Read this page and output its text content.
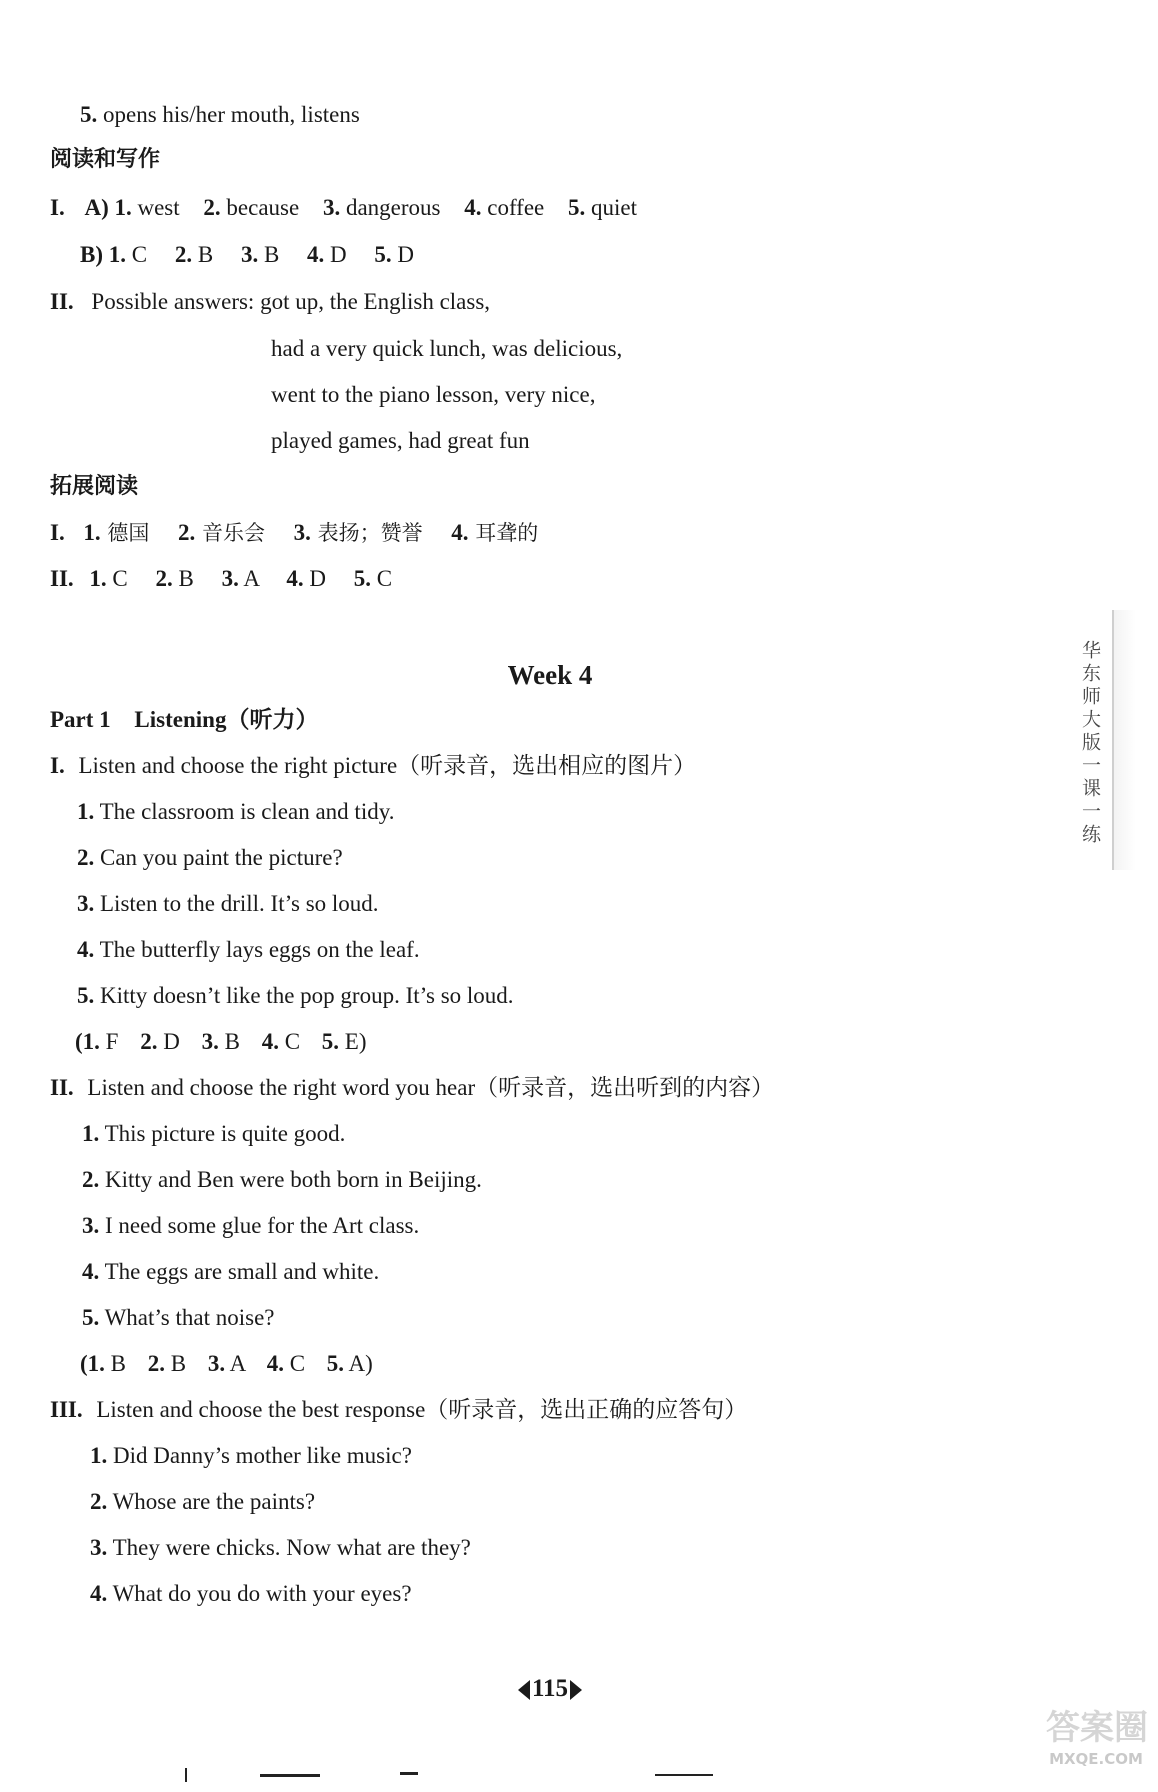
5. opens his/her mouth, listens
阅读和写作
I. A) 1. west 2. because 3. dangerous 4. coffee 5. quiet
B) 1. C 2. B 3. B 4. D 5. D
II. Possible answers: got up, the English class,
had a very quick lunch, was delicious,
went to the piano lesson, very nice,
played games, had great fun
拓展阅读
I. 1. 德国 2. 音乐会 3. 表扬；赞誉 4. 耳聋的
II. 1. C 2. B 3. A 4. D 5. C
Week 4
Part 1 Listening（听力）
I. Listen and choose the right picture（听录音，选出相应的图片）
1. The classroom is clean and tidy.
2. Can you paint the picture?
3. Listen to the drill. It’s so loud.
4. The butterfly lays eggs on the leaf.
5. Kitty doesn’t like the pop group. It’s so loud.
(1. F 2. D 3. B 4. C 5. E)
II. Listen and choose the right word you hear（听录音，选出听到的内容）
1. This picture is quite good.
2. Kitty and Ben were both born in Beijing.
3. I need some glue for the Art class.
4. The eggs are small and white.
5. What’s that noise?
(1. B 2. B 3. A 4. C 5. A)
III. Listen and choose the best response（听录音，选出正确的应答句）
1. Did Danny’s mother like music?
2. Whose are the paints?
3. They were chicks. Now what are they?
4. What do you do with your eyes?
华东师大版一课一练
115
答案圈
MXQE.COM
